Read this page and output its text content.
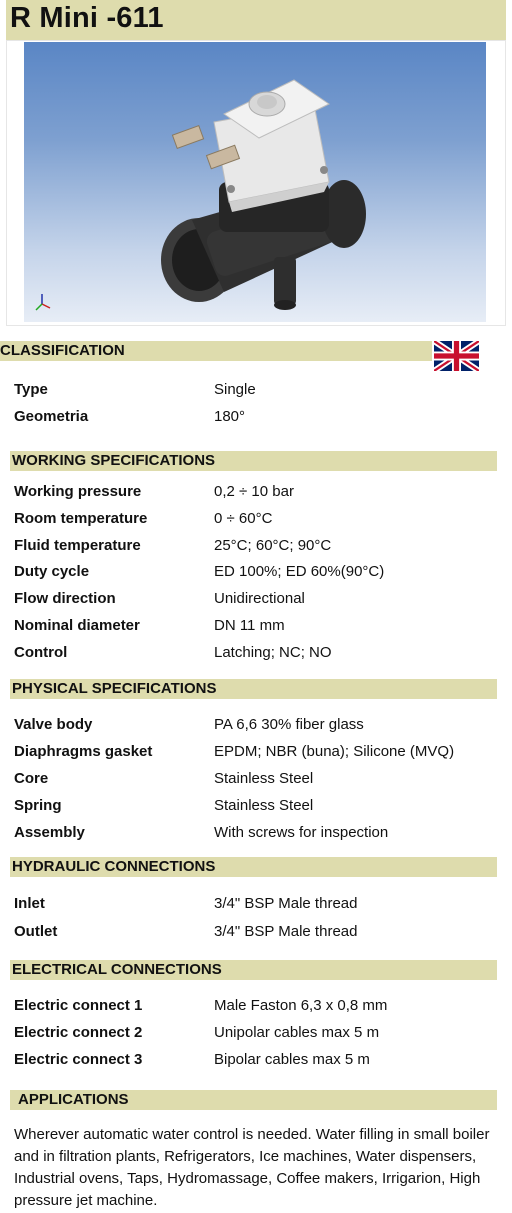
R Mini -611
CLASSIFICATION
Type	Single
Geometria	180°
WORKING SPECIFICATIONS
Working pressure	0,2 ÷ 10 bar
Room temperature	0 ÷ 60°C
Fluid temperature	25°C; 60°C; 90°C
Duty cycle	ED 100%; ED 60%(90°C)
Flow direction	Unidirectional
Nominal diameter	DN 11 mm
Control	Latching; NC; NO
PHYSICAL SPECIFICATIONS
Valve body	PA 6,6 30% fiber glass
Diaphragms gasket	EPDM; NBR (buna); Silicone (MVQ)
Core	Stainless Steel
Spring	Stainless Steel
Assembly	With screws for inspection
HYDRAULIC CONNECTIONS
Inlet	3/4" BSP Male thread
Outlet	3/4" BSP Male thread
ELECTRICAL CONNECTIONS
Electric connect 1	Male Faston 6,3 x 0,8 mm
Electric connect 2	Unipolar cables max 5 m
Electric connect 3	Bipolar cables max 5 m
APPLICATIONS
Wherever automatic water control is needed. Water filling in small boiler and in filtration plants, Refrigerators, Ice machines, Water dispensers, Industrial ovens, Taps, Hydromassage, Coffee makers, Irrigarion, High pressure jet machine.
